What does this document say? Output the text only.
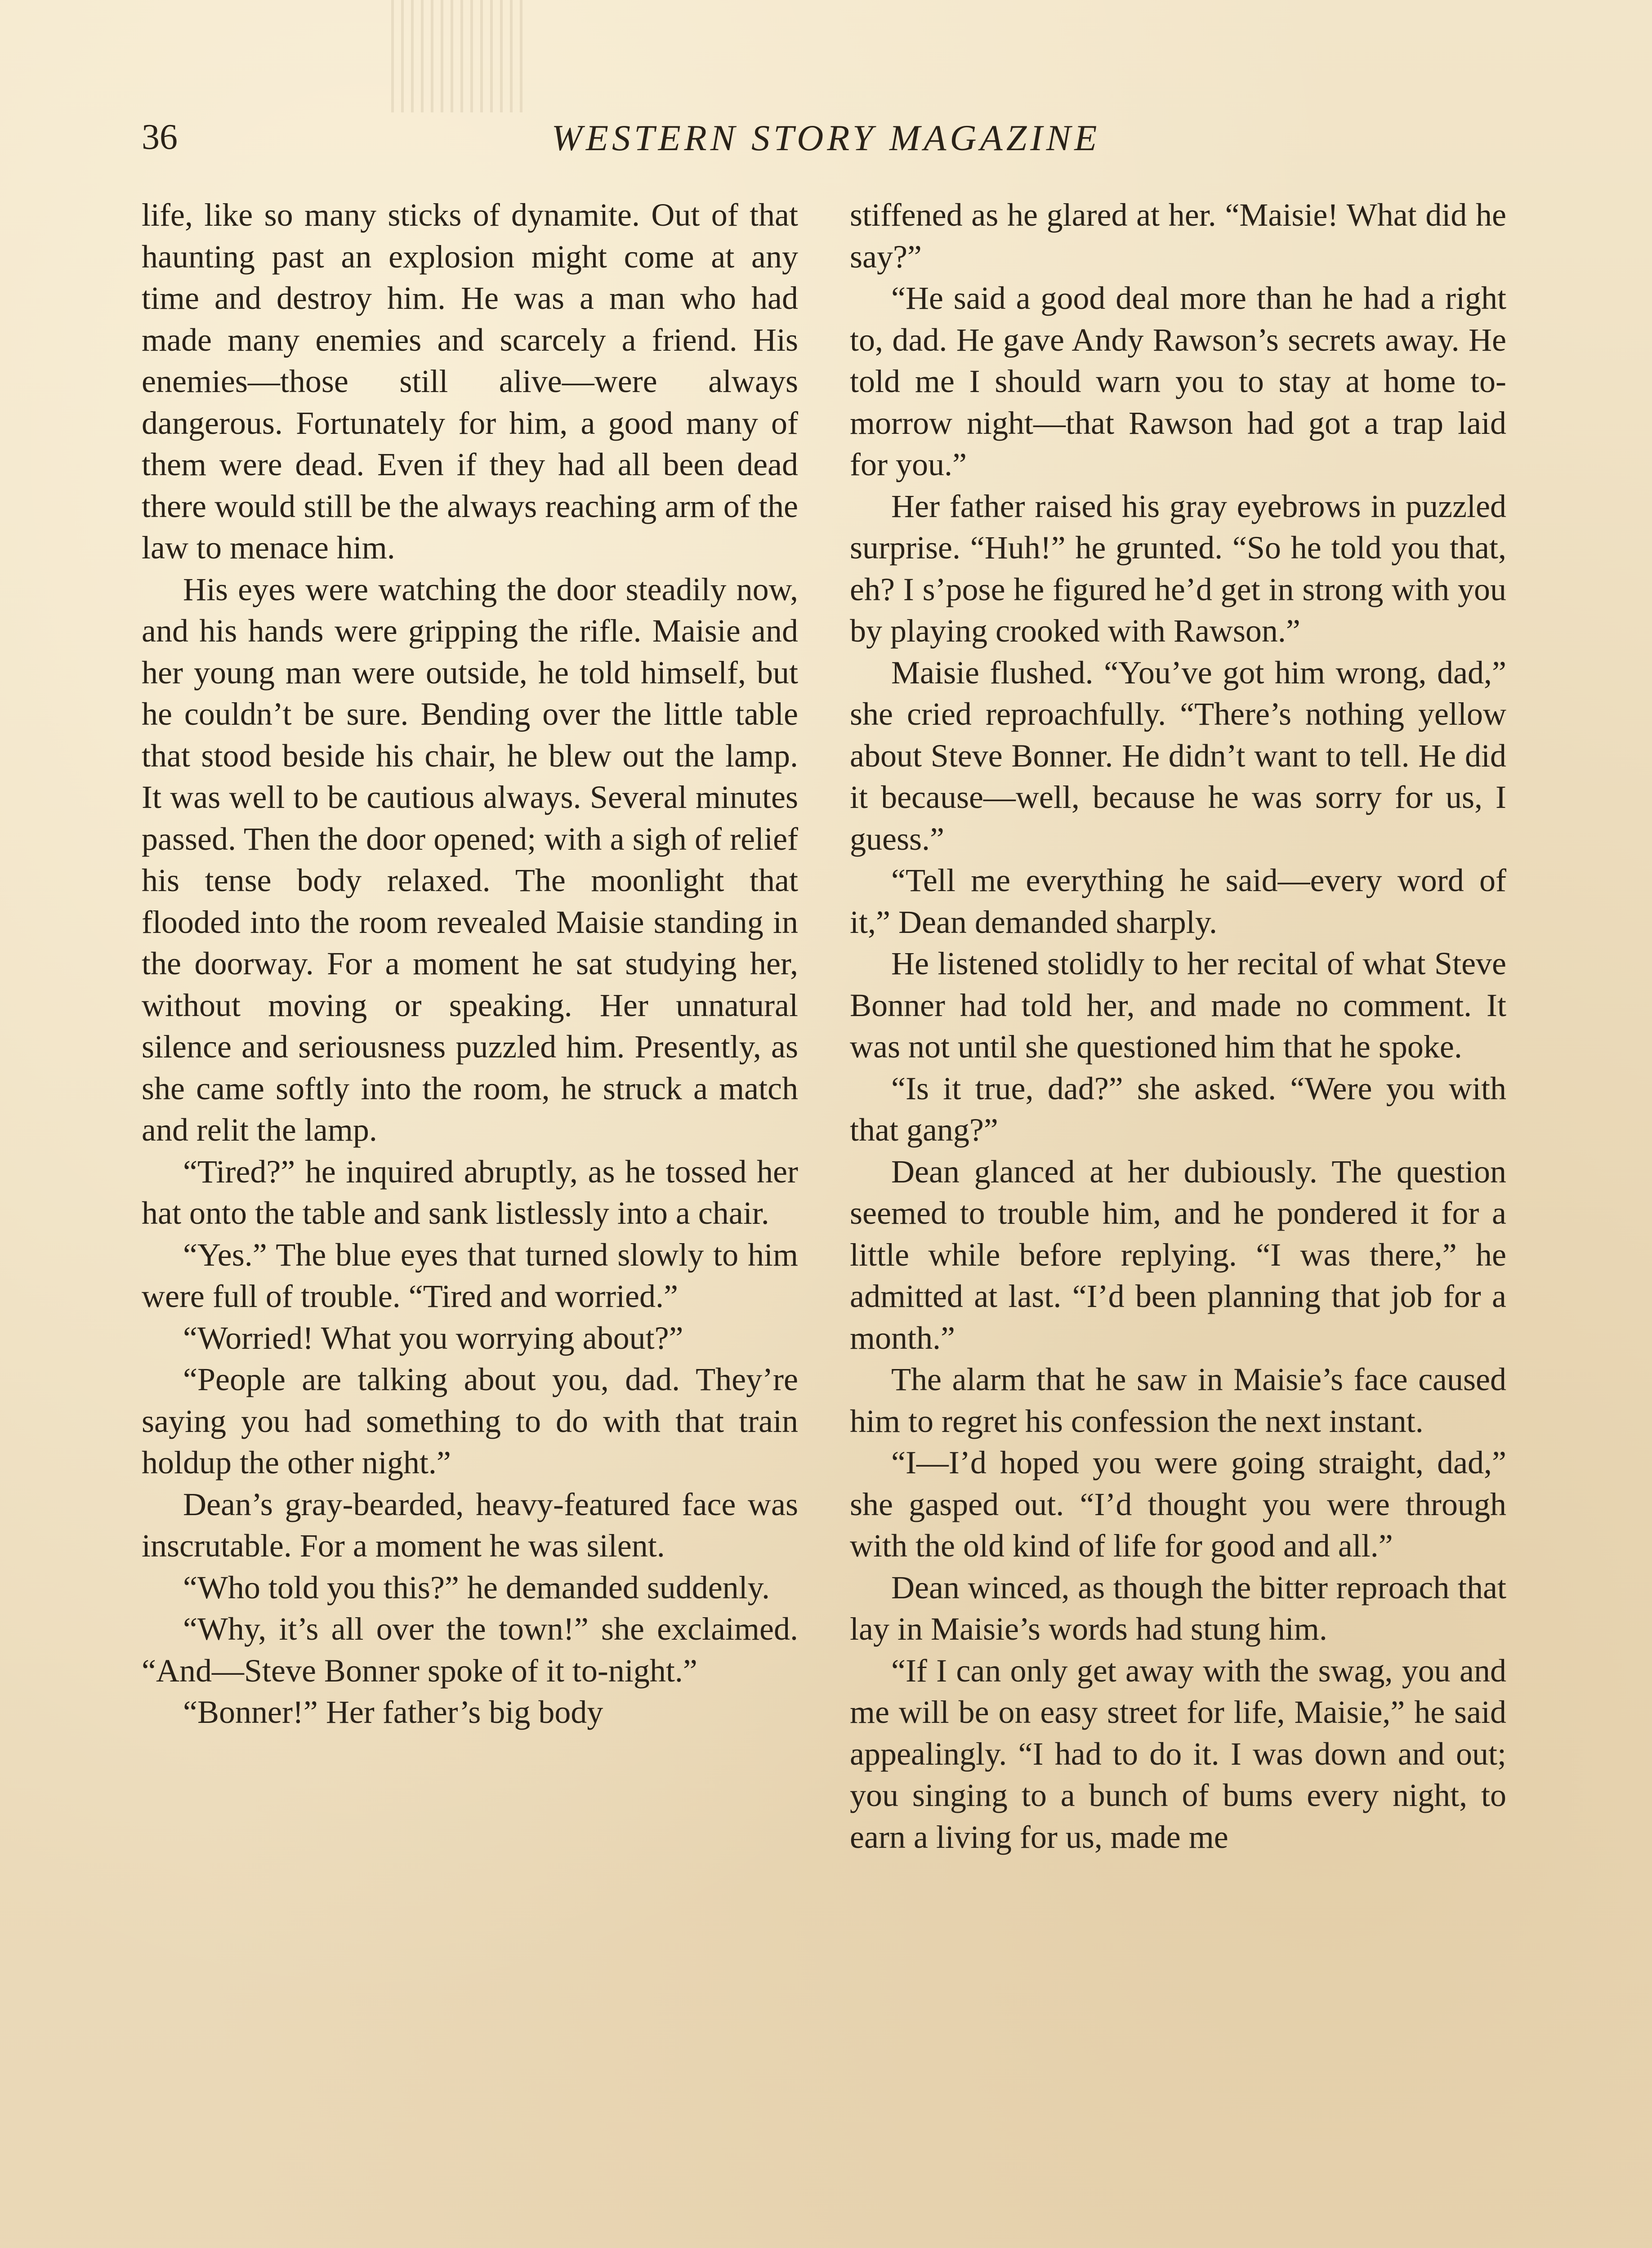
36	WESTERN STORY MAGAZINE

life, like so many sticks of dynamite. Out of that haunting past an explosion might come at any time and destroy him. He was a man who had made many enemies and scarcely a friend. His enemies—those still alive—were always dangerous. Fortunately for him, a good many of them were dead. Even if they had all been dead there would still be the always reaching arm of the law to menace him.

His eyes were watching the door steadily now, and his hands were gripping the rifle. Maisie and her young man were outside, he told himself, but he couldn’t be sure. Bending over the little table that stood beside his chair, he blew out the lamp. It was well to be cautious always. Several minutes passed. Then the door opened; with a sigh of relief his tense body relaxed. The moonlight that flooded into the room revealed Maisie standing in the doorway. For a moment he sat studying her, without moving or speaking. Her unnatural silence and seriousness puzzled him. Presently, as she came softly into the room, he struck a match and relit the lamp.

“Tired?” he inquired abruptly, as he tossed her hat onto the table and sank listlessly into a chair.

“Yes.” The blue eyes that turned slowly to him were full of trouble. “Tired and worried.”

“Worried! What you worrying about?”

“People are talking about you, dad. They’re saying you had something to do with that train holdup the other night.”

Dean’s gray-bearded, heavy-featured face was inscrutable. For a moment he was silent.

“Who told you this?” he demanded suddenly.

“Why, it’s all over the town!” she exclaimed. “And—Steve Bonner spoke of it to-night.”

“Bonner!” Her father’s big body

stiffened as he glared at her. “Maisie! What did he say?”

“He said a good deal more than he had a right to, dad. He gave Andy Rawson’s secrets away. He told me I should warn you to stay at home tomorrow night—that Rawson had got a trap laid for you.”

Her father raised his gray eyebrows in puzzled surprise. “Huh!” he grunted. “So he told you that, eh? I s’pose he figured he’d get in strong with you by playing crooked with Rawson.”

Maisie flushed. “You’ve got him wrong, dad,” she cried reproachfully. “There’s nothing yellow about Steve Bonner. He didn’t want to tell. He did it because—well, because he was sorry for us, I guess.”

“Tell me everything he said—every word of it,” Dean demanded sharply.

He listened stolidly to her recital of what Steve Bonner had told her, and made no comment. It was not until she questioned him that he spoke.

“Is it true, dad?” she asked. “Were you with that gang?”

Dean glanced at her dubiously. The question seemed to trouble him, and he pondered it for a little while before replying. “I was there,” he admitted at last. “I’d been planning that job for a month.”

The alarm that he saw in Maisie’s face caused him to regret his confession the next instant.

“I—I’d hoped you were going straight, dad,” she gasped out. “I’d thought you were through with the old kind of life for good and all.”

Dean winced, as though the bitter reproach that lay in Maisie’s words had stung him.

“If I can only get away with the swag, you and me will be on easy street for life, Maisie,” he said appealingly. “I had to do it. I was down and out; you singing to a bunch of bums every night, to earn a living for us, made me
